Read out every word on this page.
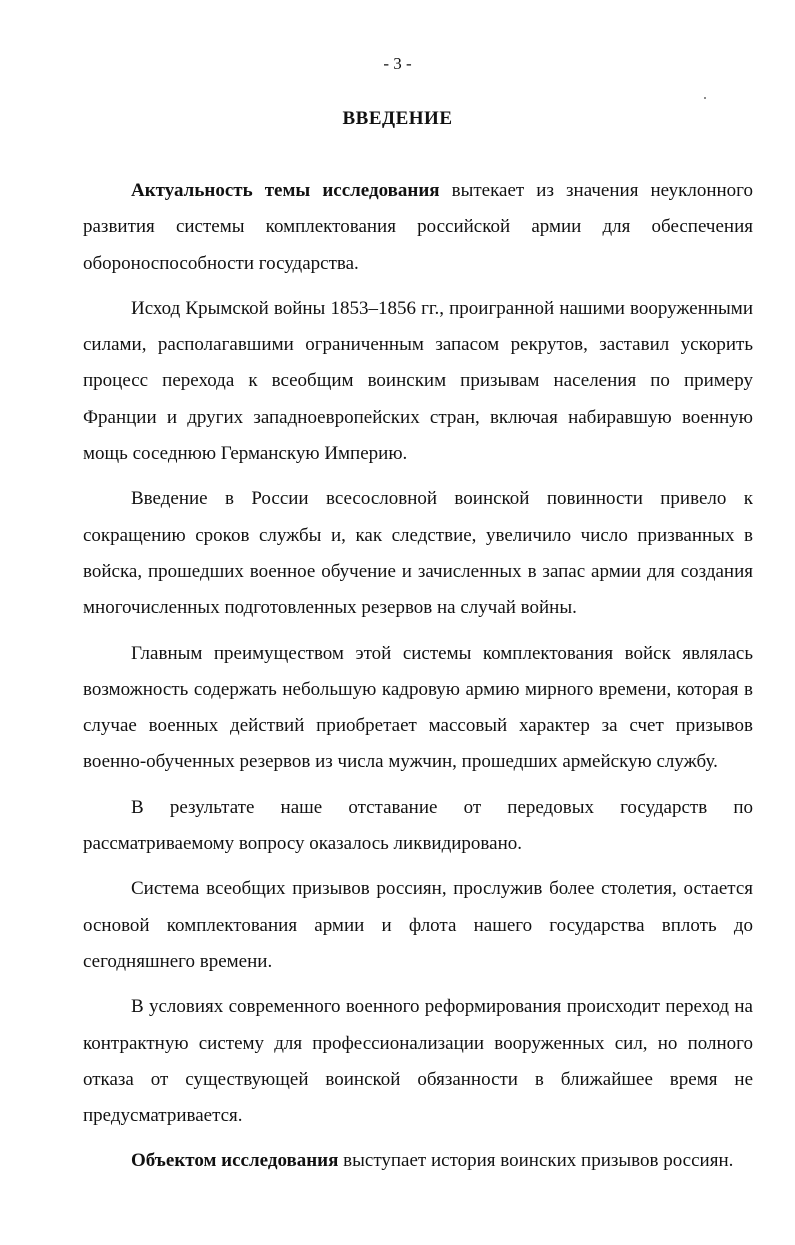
- 3 -
ВВЕДЕНИЕ

Актуальность темы исследования вытекает из значения неуклонного развития системы комплектования российской армии для обеспечения обороноспособности государства.

Исход Крымской войны 1853–1856 гг., проигранной нашими вооруженными силами, располагавшими ограниченным запасом рекрутов, заставил ускорить процесс перехода к всеобщим воинским призывам населения по примеру Франции и других западноевропейских стран, включая набиравшую военную мощь соседнюю Германскую Империю.

Введение в России всесословной воинской повинности привело к сокращению сроков службы и, как следствие, увеличило число призванных в войска, прошедших военное обучение и зачисленных в запас армии для создания многочисленных подготовленных резервов на случай войны.

Главным преимуществом этой системы комплектования войск являлась возможность содержать небольшую кадровую армию мирного времени, которая в случае военных действий приобретает массовый характер за счет призывов военно-обученных резервов из числа мужчин, прошедших армейскую службу.

В результате наше отставание от передовых государств по рассматриваемому вопросу оказалось ликвидировано.

Система всеобщих призывов россиян, прослужив более столетия, остается основой комплектования армии и флота нашего государства вплоть до сегодняшнего времени.

В условиях современного военного реформирования происходит переход на контрактную систему для профессионализации вооруженных сил, но полного отказа от существующей воинской обязанности в ближайшее время не предусматривается.

Объектом исследования выступает история воинских призывов россиян.
